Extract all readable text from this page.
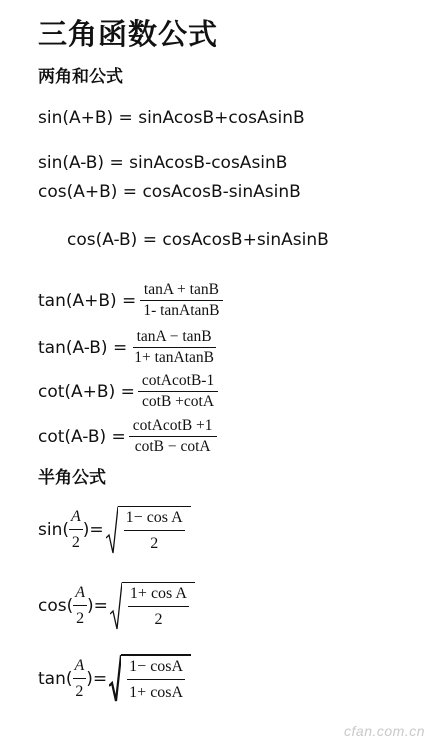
三角函数公式
两角和公式
sin(A+B) = sinAcosB+cosAsinB
sin(A-B) = sinAcosB-cosAsinB
cos(A+B) = cosAcosB-sinAsinB
cos(A-B) = cosAcosB+sinAsinB
$\tan(A+B) = \frac{\tan A + \tan B}{\text{1- tanAtanB}}$
$\tan(A-B) = \frac{\tan A - \tan B}{\text{1+ tanAtanB}}$
$\cot(A+B) = \frac{\text{cotAcotB-1}}{\cot B +\cot A}$
$\cot(A-B) = \frac{\text{cotAcotB +1}}{\cot B - \cot A}$
半角公式
$\sin( \frac{A}{2}$ )= $\frac{\text{1− cos A}}{2}$
$\cos( \frac{A}{2}$ )= $\frac{\text{1+ cos A}}{2}$
$\tan( \frac{A}{2}$ )= $\frac{1- \cos A}{1+ \cos A}$
cfan.com.cn
